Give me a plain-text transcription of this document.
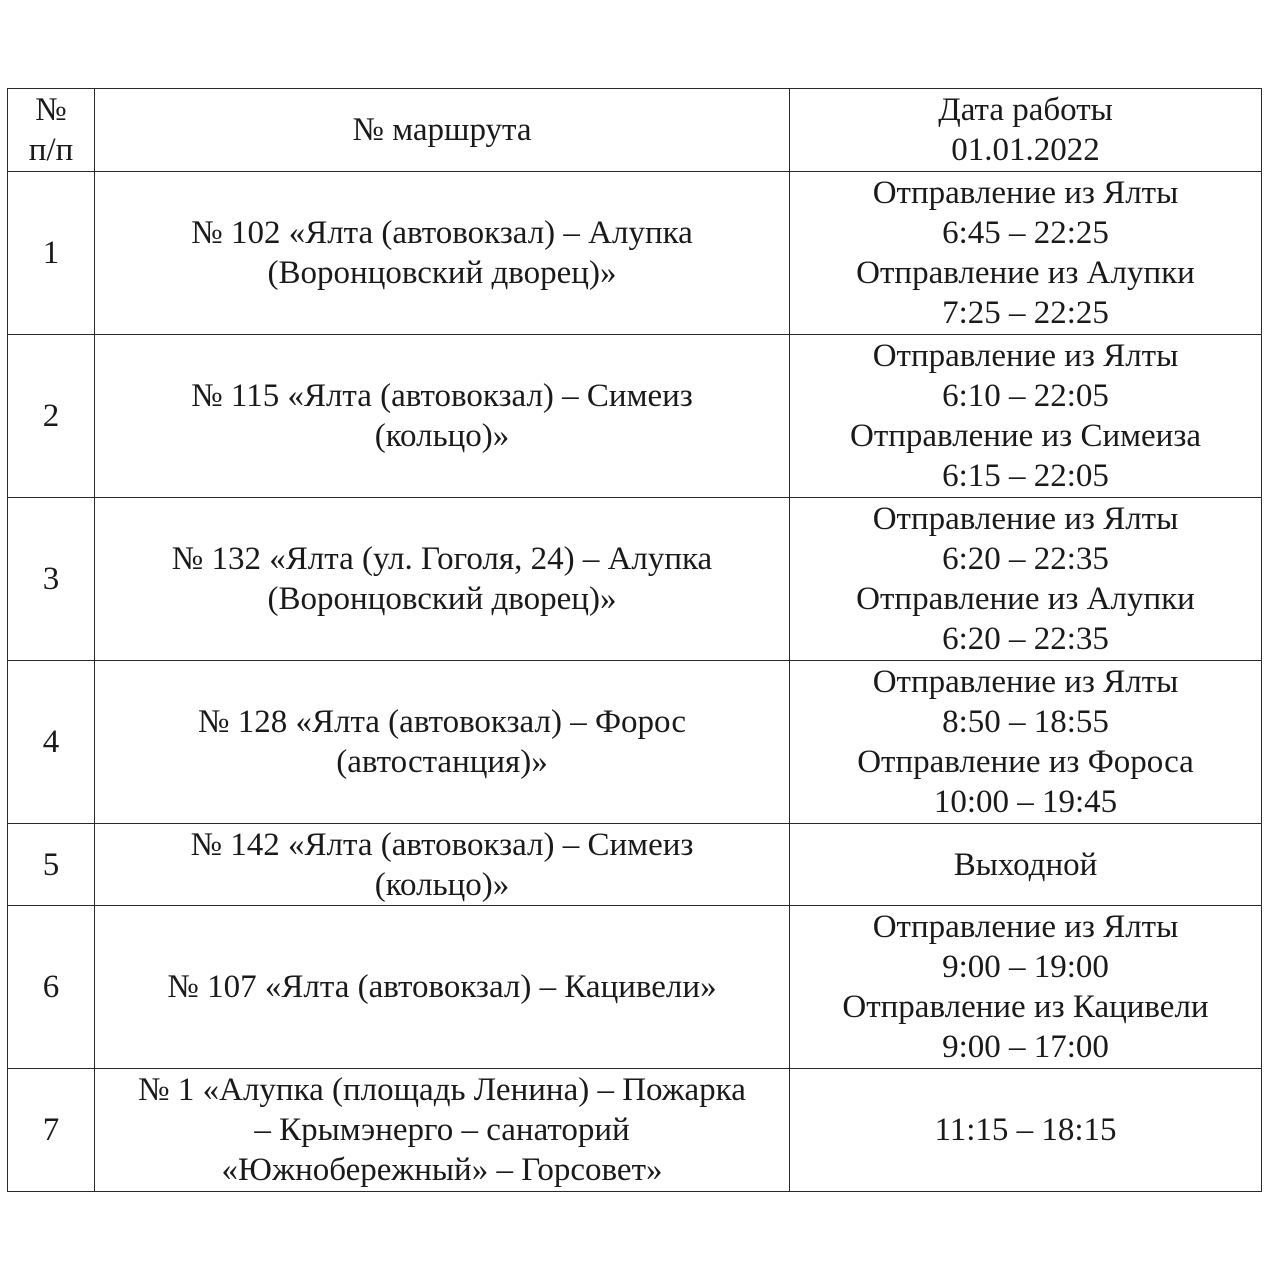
№
п/п	№ маршрута	Дата работы
01.01.2022

1	№ 102 «Ялта (автовокзал) – Алупка
(Воронцовский дворец)»	Отправление из Ялты
6:45 – 22:25
Отправление из Алупки
7:25 – 22:25

2	№ 115 «Ялта (автовокзал) – Симеиз
(кольцо)»	Отправление из Ялты
6:10 – 22:05
Отправление из Симеиза
6:15 – 22:05

3	№ 132 «Ялта (ул. Гоголя, 24) – Алупка
(Воронцовский дворец)»	Отправление из Ялты
6:20 – 22:35
Отправление из Алупки
6:20 – 22:35

4	№ 128 «Ялта (автовокзал) – Форос
(автостанция)»	Отправление из Ялты
8:50 – 18:55
Отправление из Фороса
10:00 – 19:45

5	№ 142 «Ялта (автовокзал) – Симеиз
(кольцо)»	Выходной

6	№ 107 «Ялта (автовокзал) – Кацивели»	Отправление из Ялты
9:00 – 19:00
Отправление из Кацивели
9:00 – 17:00

7	№ 1 «Алупка (площадь Ленина) – Пожарка
– Крымэнерго – санаторий
«Южнобережный» – Горсовет»	11:15 – 18:15
